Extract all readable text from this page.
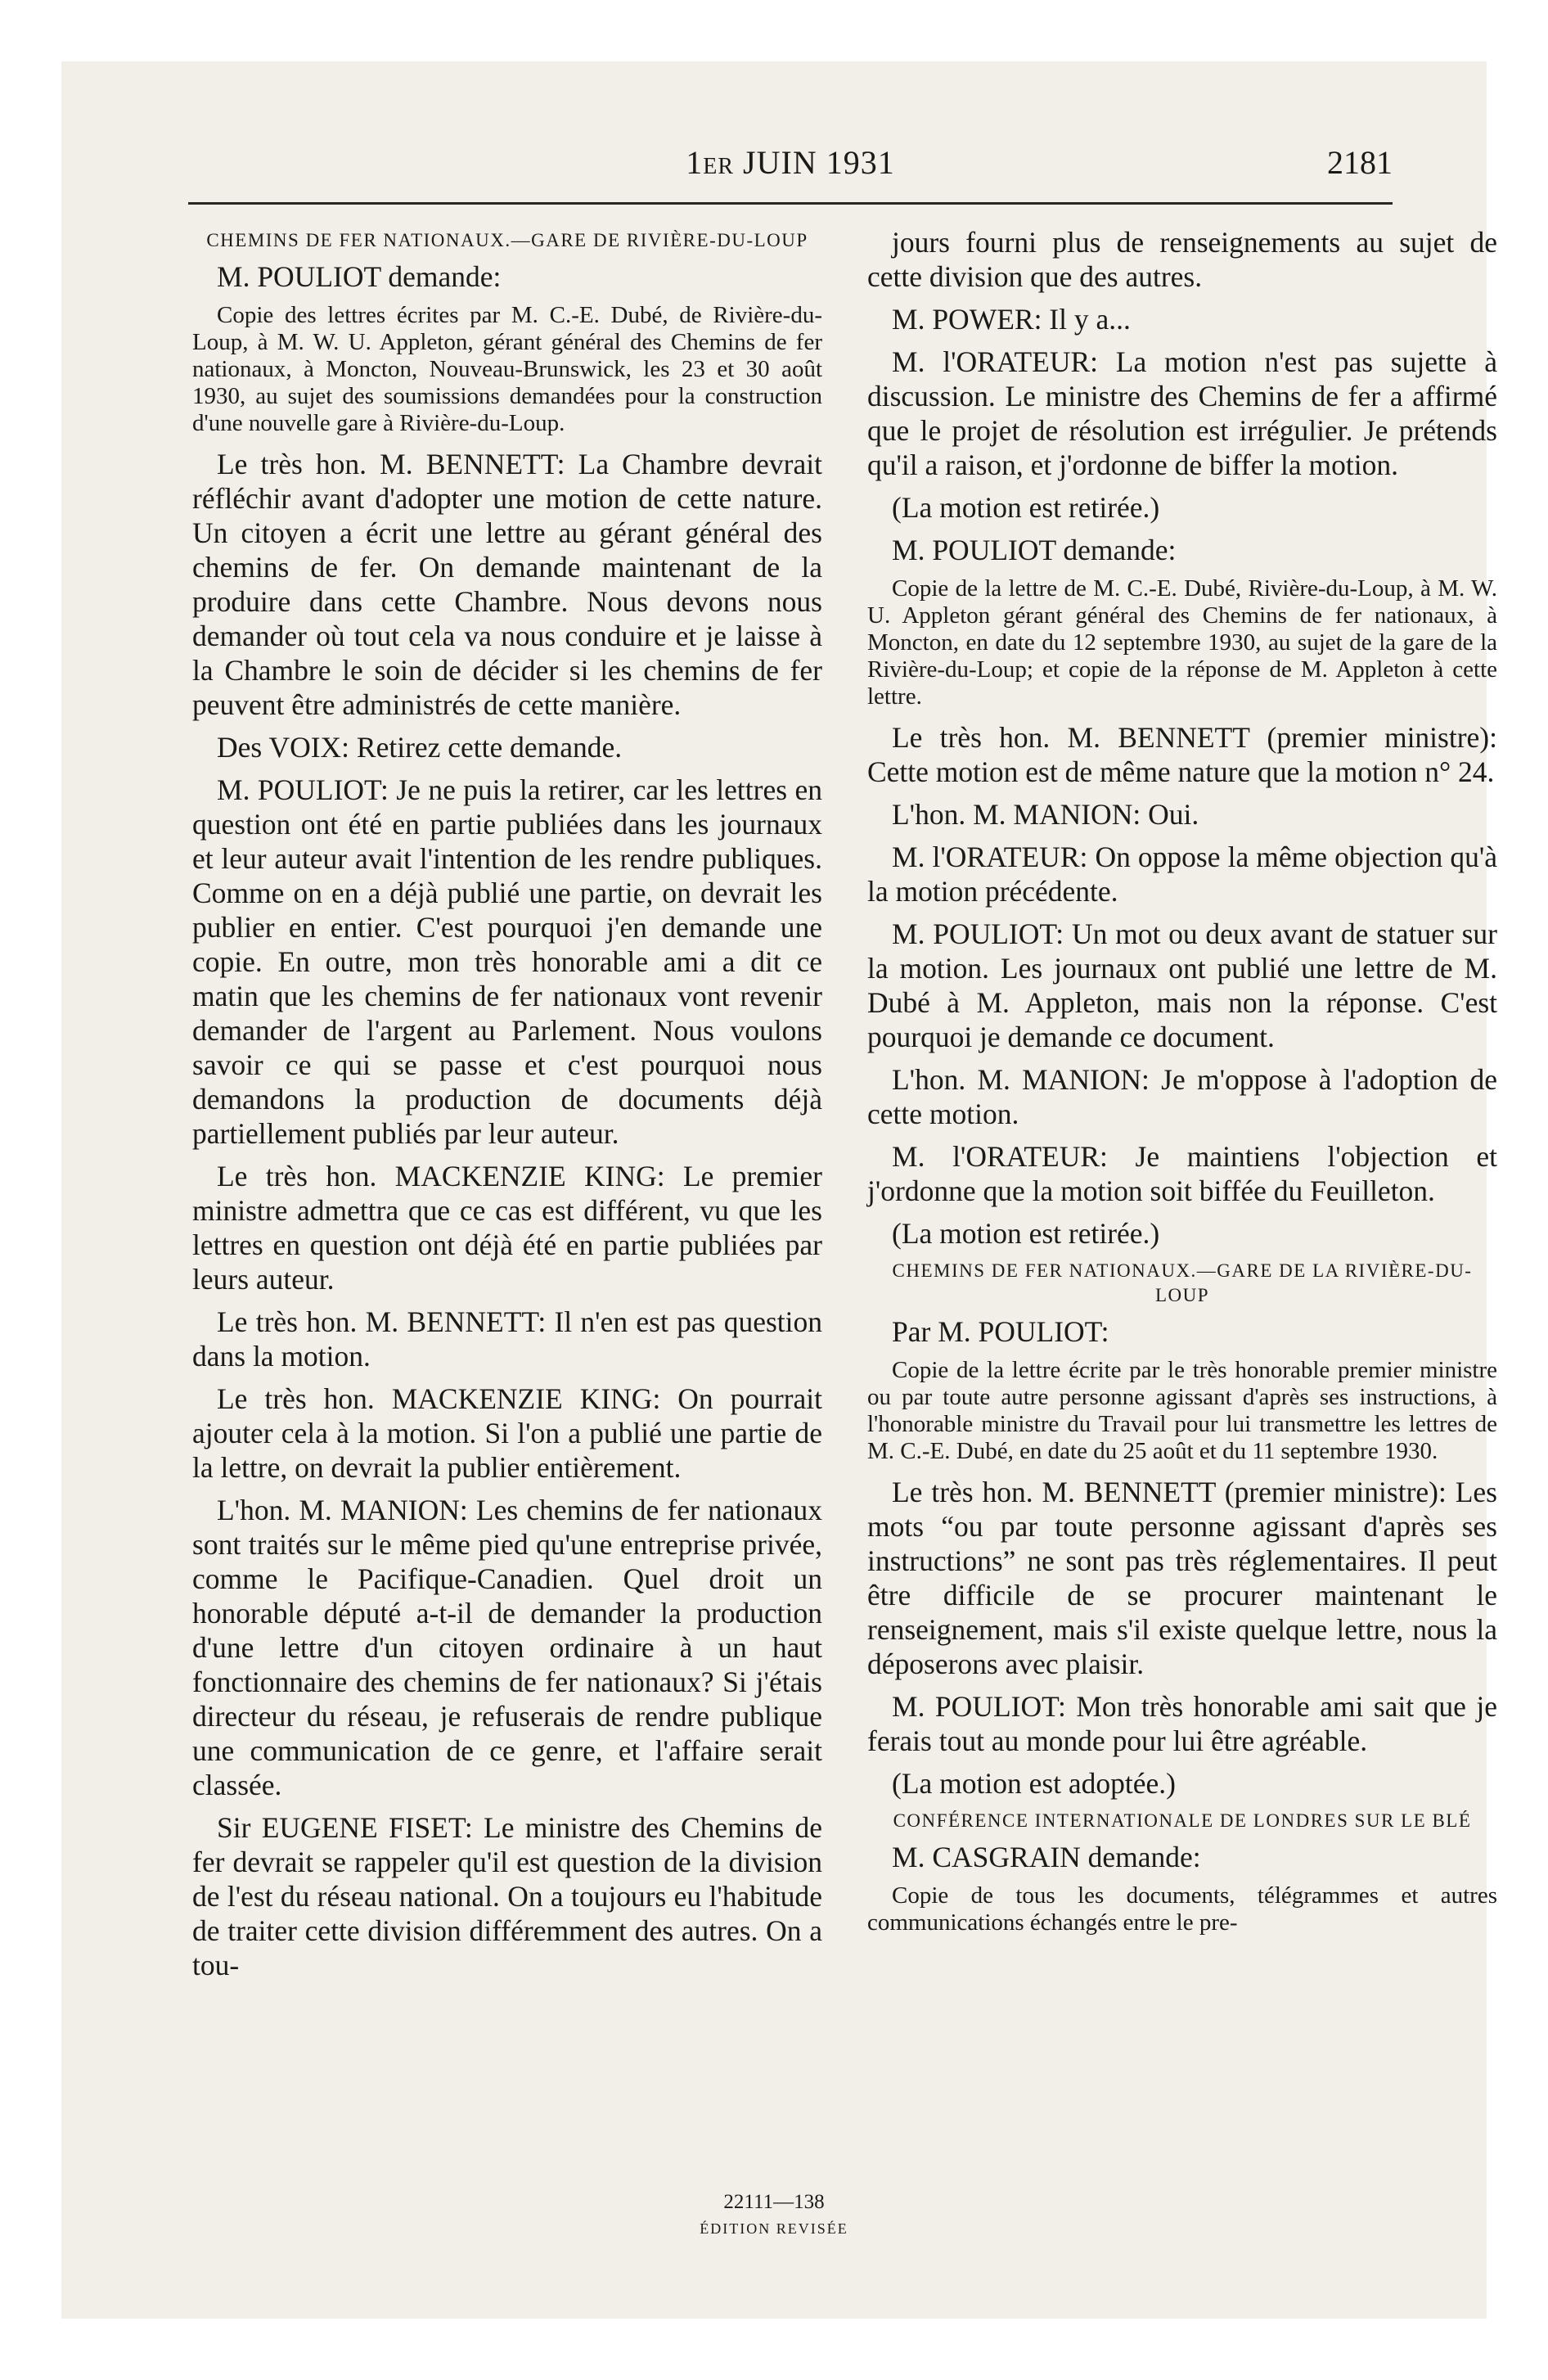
1ER JUIN 1931	2181
CHEMINS DE FER NATIONAUX.—GARE DE RIVIÈRE-DU-LOUP

M. POULIOT demande:

Copie des lettres écrites par M. C.-E. Dubé, de Rivière-du-Loup, à M. W. U. Appleton, gérant général des Chemins de fer nationaux, à Moncton, Nouveau-Brunswick, les 23 et 30 août 1930, au sujet des soumissions demandées pour la construction d'une nouvelle gare à Rivière-du-Loup.

Le très hon. M. BENNETT: La Chambre devrait réfléchir avant d'adopter une motion de cette nature. Un citoyen a écrit une lettre au gérant général des chemins de fer. On demande maintenant de la produire dans cette Chambre. Nous devons nous demander où tout cela va nous conduire et je laisse à la Chambre le soin de décider si les chemins de fer peuvent être administrés de cette manière.

Des VOIX: Retirez cette demande.

M. POULIOT: Je ne puis la retirer, car les lettres en question ont été en partie publiées dans les journaux et leur auteur avait l'intention de les rendre publiques. Comme on en a déjà publié une partie, on devrait les publier en entier. C'est pourquoi j'en demande une copie. En outre, mon très honorable ami a dit ce matin que les chemins de fer nationaux vont revenir demander de l'argent au Parlement. Nous voulons savoir ce qui se passe et c'est pourquoi nous demandons la production de documents déjà partiellement publiés par leur auteur.

Le très hon. MACKENZIE KING: Le premier ministre admettra que ce cas est différent, vu que les lettres en question ont déjà été en partie publiées par leurs auteur.

Le très hon. M. BENNETT: Il n'en est pas question dans la motion.

Le très hon. MACKENZIE KING: On pourrait ajouter cela à la motion. Si l'on a publié une partie de la lettre, on devrait la publier entièrement.

L'hon. M. MANION: Les chemins de fer nationaux sont traités sur le même pied qu'une entreprise privée, comme le Pacifique-Canadien. Quel droit un honorable député a-t-il de demander la production d'une lettre d'un citoyen ordinaire à un haut fonctionnaire des chemins de fer nationaux? Si j'étais directeur du réseau, je refuserais de rendre publique une communication de ce genre, et l'affaire serait classée.

Sir EUGENE FISET: Le ministre des Chemins de fer devrait se rappeler qu'il est question de la division de l'est du réseau national. On a toujours eu l'habitude de traiter cette division différemment des autres. On a tou-

jours fourni plus de renseignements au sujet de cette division que des autres.

M. POWER: Il y a...

M. l'ORATEUR: La motion n'est pas sujette à discussion. Le ministre des Chemins de fer a affirmé que le projet de résolution est irrégulier. Je prétends qu'il a raison, et j'ordonne de biffer la motion.

(La motion est retirée.)

M. POULIOT demande:

Copie de la lettre de M. C.-E. Dubé, Rivière-du-Loup, à M. W. U. Appleton gérant général des Chemins de fer nationaux, à Moncton, en date du 12 septembre 1930, au sujet de la gare de la Rivière-du-Loup; et copie de la réponse de M. Appleton à cette lettre.

Le très hon. M. BENNETT (premier ministre): Cette motion est de même nature que la motion n° 24.

L'hon. M. MANION: Oui.

M. l'ORATEUR: On oppose la même objection qu'à la motion précédente.

M. POULIOT: Un mot ou deux avant de statuer sur la motion. Les journaux ont publié une lettre de M. Dubé à M. Appleton, mais non la réponse. C'est pourquoi je demande ce document.

L'hon. M. MANION: Je m'oppose à l'adoption de cette motion.

M. l'ORATEUR: Je maintiens l'objection et j'ordonne que la motion soit biffée du Feuilleton.

(La motion est retirée.)

CHEMINS DE FER NATIONAUX.—GARE DE LA RIVIÈRE-DU-LOUP

Par M. POULIOT:

Copie de la lettre écrite par le très honorable premier ministre ou par toute autre personne agissant d'après ses instructions, à l'honorable ministre du Travail pour lui transmettre les lettres de M. C.-E. Dubé, en date du 25 août et du 11 septembre 1930.

Le très hon. M. BENNETT (premier ministre): Les mots “ou par toute personne agissant d'après ses instructions” ne sont pas très réglementaires. Il peut être difficile de se procurer maintenant le renseignement, mais s'il existe quelque lettre, nous la déposerons avec plaisir.

M. POULIOT: Mon très honorable ami sait que je ferais tout au monde pour lui être agréable.

(La motion est adoptée.)

CONFÉRENCE INTERNATIONALE DE LONDRES SUR LE BLÉ

M. CASGRAIN demande:

Copie de tous les documents, télégrammes et autres communications échangés entre le pre-

22111—138
ÉDITION REVISÉE
